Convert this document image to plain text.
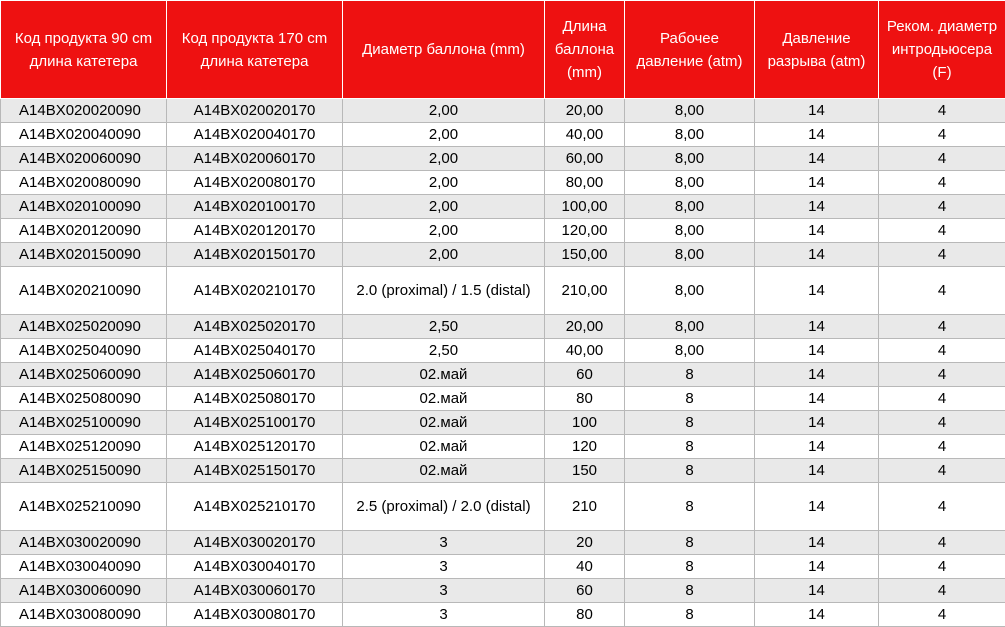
Код продукта 90 cm длина катетера	Код продукта 170 cm длина катетера	Диаметр баллона (mm)	Длина баллона (mm)	Рабочее давление (atm)	Давление разрыва (atm)	Реком. диаметр интродьюсера (F)
A14BX020020090	A14BX020020170	2,00	20,00	8,00	14	4
A14BX020040090	A14BX020040170	2,00	40,00	8,00	14	4
A14BX020060090	A14BX020060170	2,00	60,00	8,00	14	4
A14BX020080090	A14BX020080170	2,00	80,00	8,00	14	4
A14BX020100090	A14BX020100170	2,00	100,00	8,00	14	4
A14BX020120090	A14BX020120170	2,00	120,00	8,00	14	4
A14BX020150090	A14BX020150170	2,00	150,00	8,00	14	4
A14BX020210090	A14BX020210170	2.0 (proximal) / 1.5 (distal)	210,00	8,00	14	4
A14BX025020090	A14BX025020170	2,50	20,00	8,00	14	4
A14BX025040090	A14BX025040170	2,50	40,00	8,00	14	4
A14BX025060090	A14BX025060170	02.май	60	8	14	4
A14BX025080090	A14BX025080170	02.май	80	8	14	4
A14BX025100090	A14BX025100170	02.май	100	8	14	4
A14BX025120090	A14BX025120170	02.май	120	8	14	4
A14BX025150090	A14BX025150170	02.май	150	8	14	4
A14BX025210090	A14BX025210170	2.5 (proximal) / 2.0 (distal)	210	8	14	4
A14BX030020090	A14BX030020170	3	20	8	14	4
A14BX030040090	A14BX030040170	3	40	8	14	4
A14BX030060090	A14BX030060170	3	60	8	14	4
A14BX030080090	A14BX030080170	3	80	8	14	4
